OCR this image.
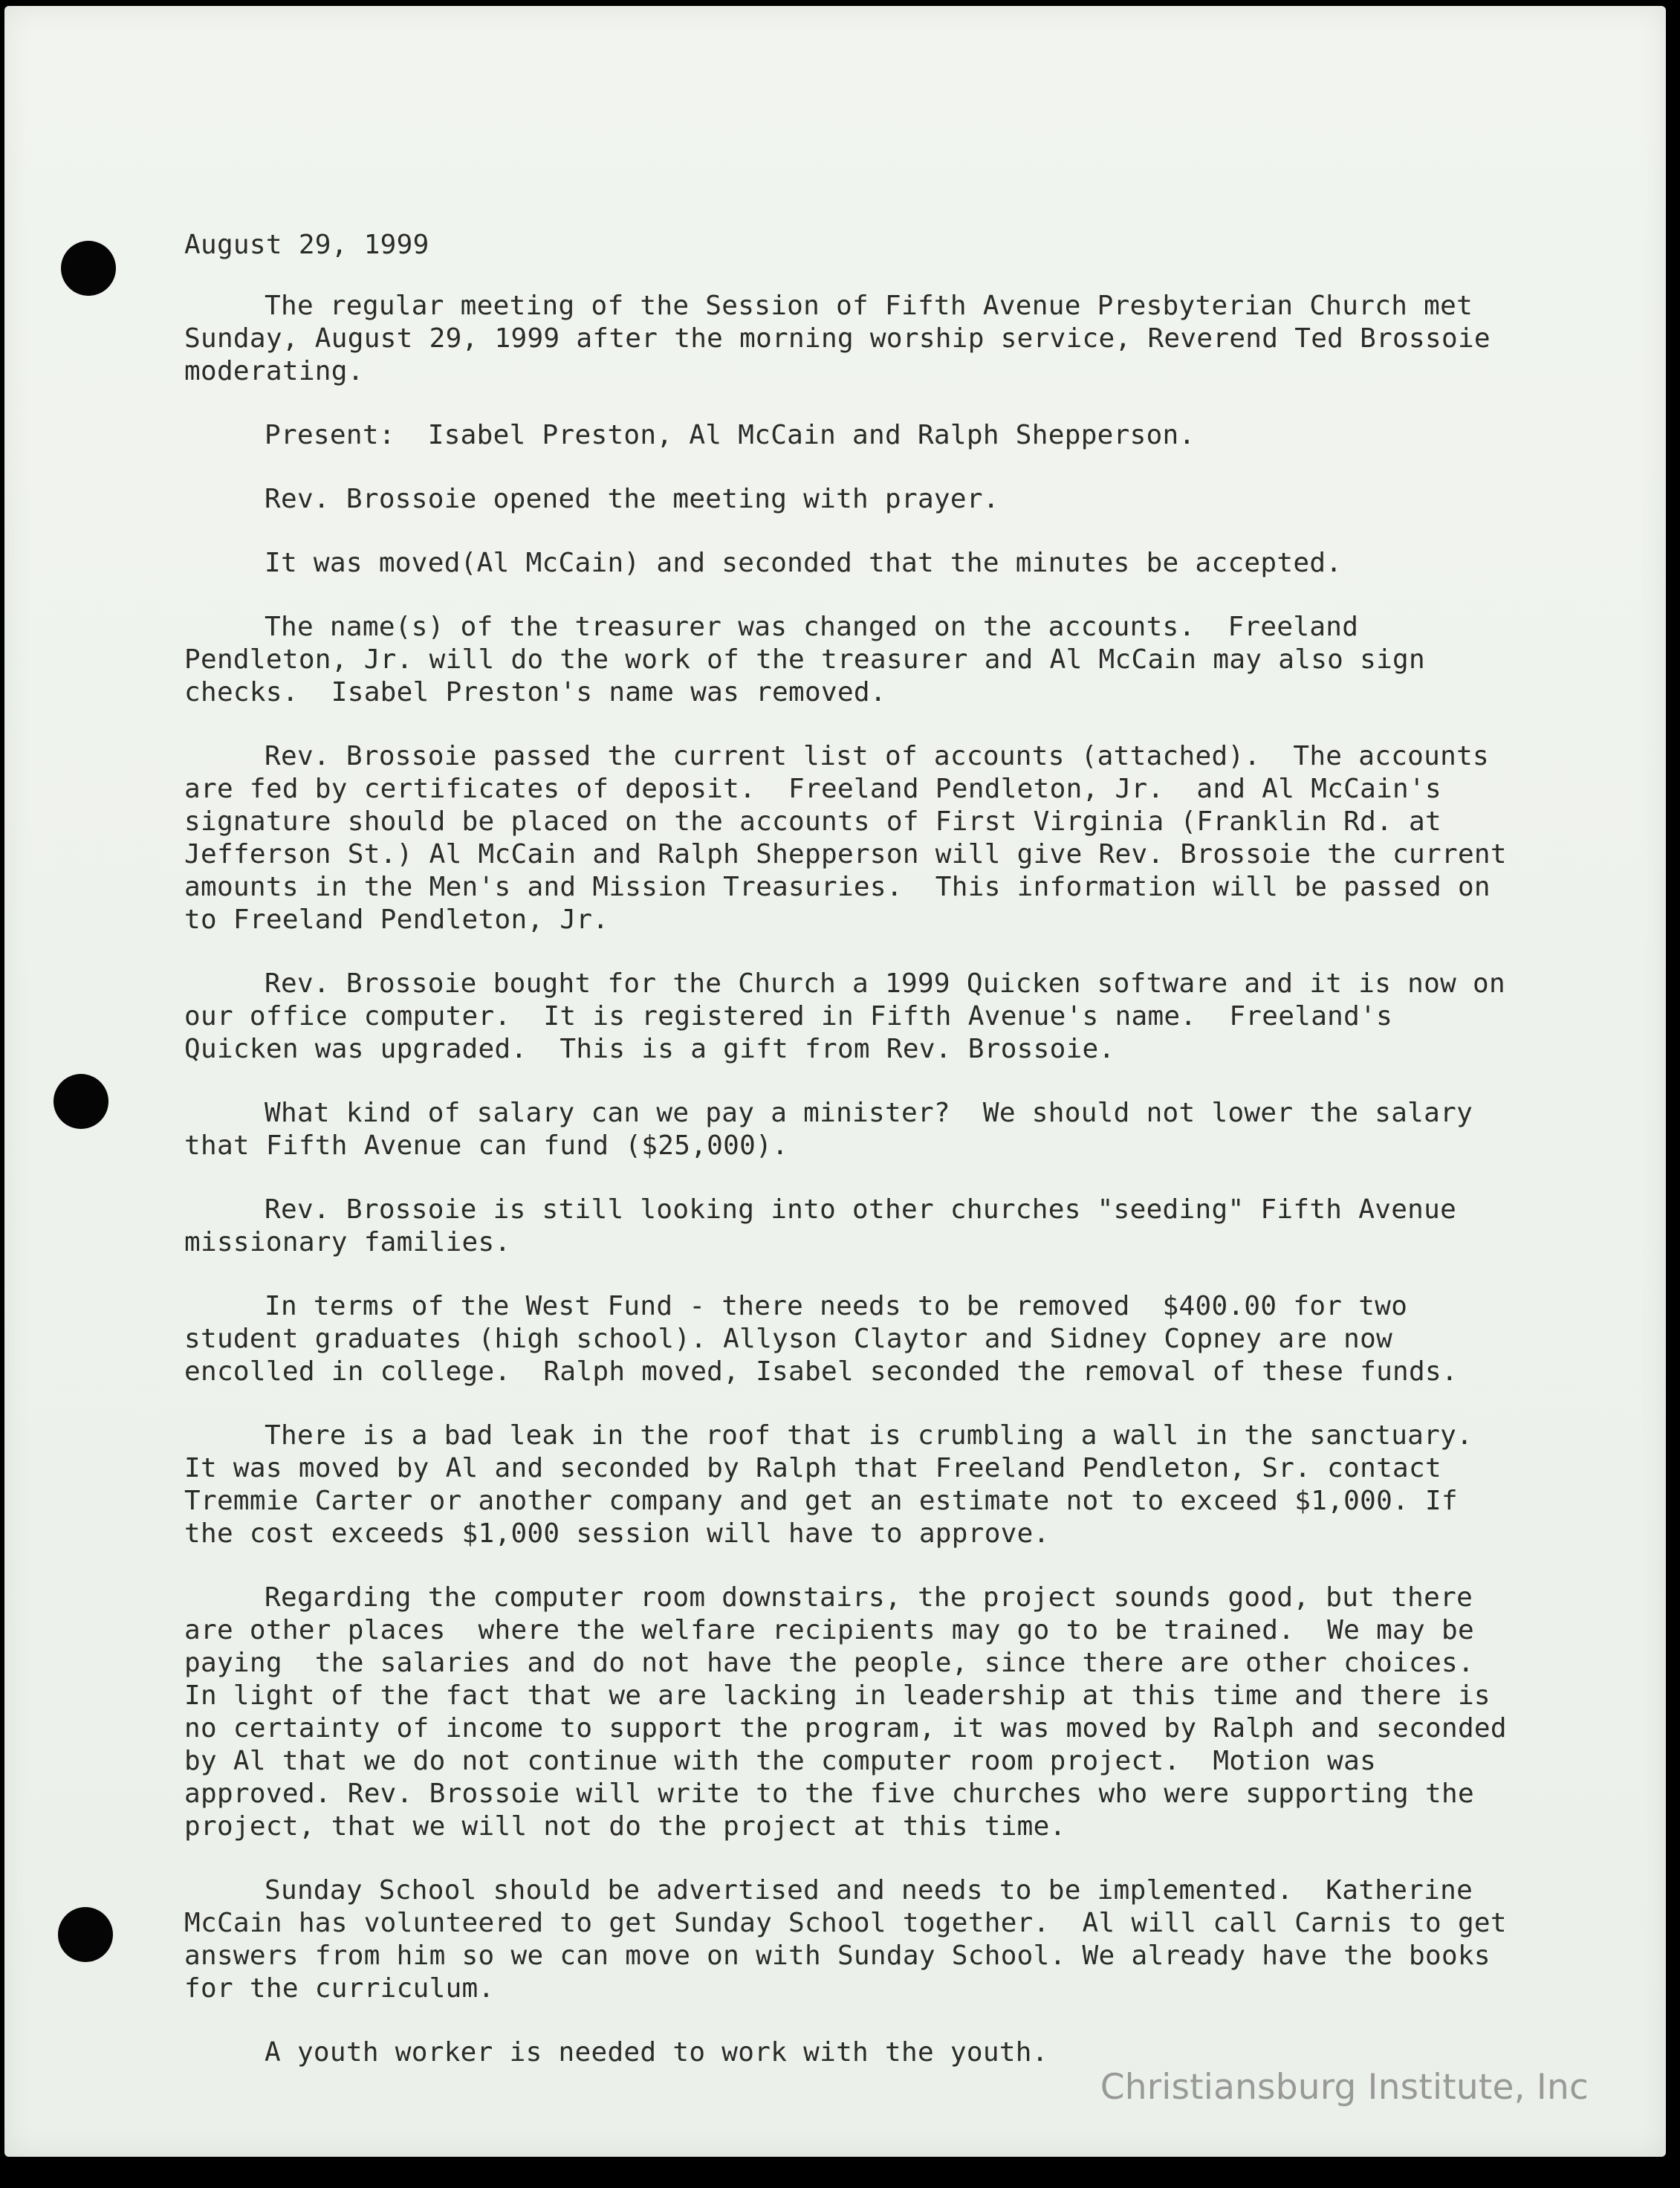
August 29, 1999

The regular meeting of the Session of Fifth Avenue Presbyterian Church met Sunday, August 29, 1999 after the morning worship service, Reverend Ted Brossoie moderating.

Present:  Isabel Preston, Al McCain and Ralph Shepperson.

Rev. Brossoie opened the meeting with prayer.

It was moved(Al McCain) and seconded that the minutes be accepted.

The name(s) of the treasurer was changed on the accounts.  Freeland Pendleton, Jr. will do the work of the treasurer and Al McCain may also sign checks.  Isabel Preston's name was removed.

Rev. Brossoie passed the current list of accounts (attached).  The accounts are fed by certificates of deposit.  Freeland Pendleton, Jr.  and Al McCain's signature should be placed on the accounts of First Virginia (Franklin Rd. at Jefferson St.) Al McCain and Ralph Shepperson will give Rev. Brossoie the current amounts in the Men's and Mission Treasuries.  This information will be passed on to Freeland Pendleton, Jr.

Rev. Brossoie bought for the Church a 1999 Quicken software and it is now on our office computer.  It is registered in Fifth Avenue's name.  Freeland's Quicken was upgraded.  This is a gift from Rev. Brossoie.

What kind of salary can we pay a minister?  We should not lower the salary that Fifth Avenue can fund ($25,000).

Rev. Brossoie is still looking into other churches "seeding" Fifth Avenue missionary families.

In terms of the West Fund - there needs to be removed  $400.00 for two student graduates (high school). Allyson Claytor and Sidney Copney are now encolled in college.  Ralph moved, Isabel seconded the removal of these funds.

There is a bad leak in the roof that is crumbling a wall in the sanctuary. It was moved by Al and seconded by Ralph that Freeland Pendleton, Sr. contact Tremmie Carter or another company and get an estimate not to exceed $1,000. If the cost exceeds $1,000 session will have to approve.

Regarding the computer room downstairs, the project sounds good, but there are other places  where the welfare recipients may go to be trained.  We may be paying  the salaries and do not have the people, since there are other choices. In light of the fact that we are lacking in leadership at this time and there is no certainty of income to support the program, it was moved by Ralph and seconded by Al that we do not continue with the computer room project.  Motion was approved. Rev. Brossoie will write to the five churches who were supporting the project, that we will not do the project at this time.

Sunday School should be advertised and needs to be implemented.  Katherine McCain has volunteered to get Sunday School together.  Al will call Carnis to get answers from him so we can move on with Sunday School. We already have the books for the curriculum.

A youth worker is needed to work with the youth.

Christiansburg Institute, Inc
